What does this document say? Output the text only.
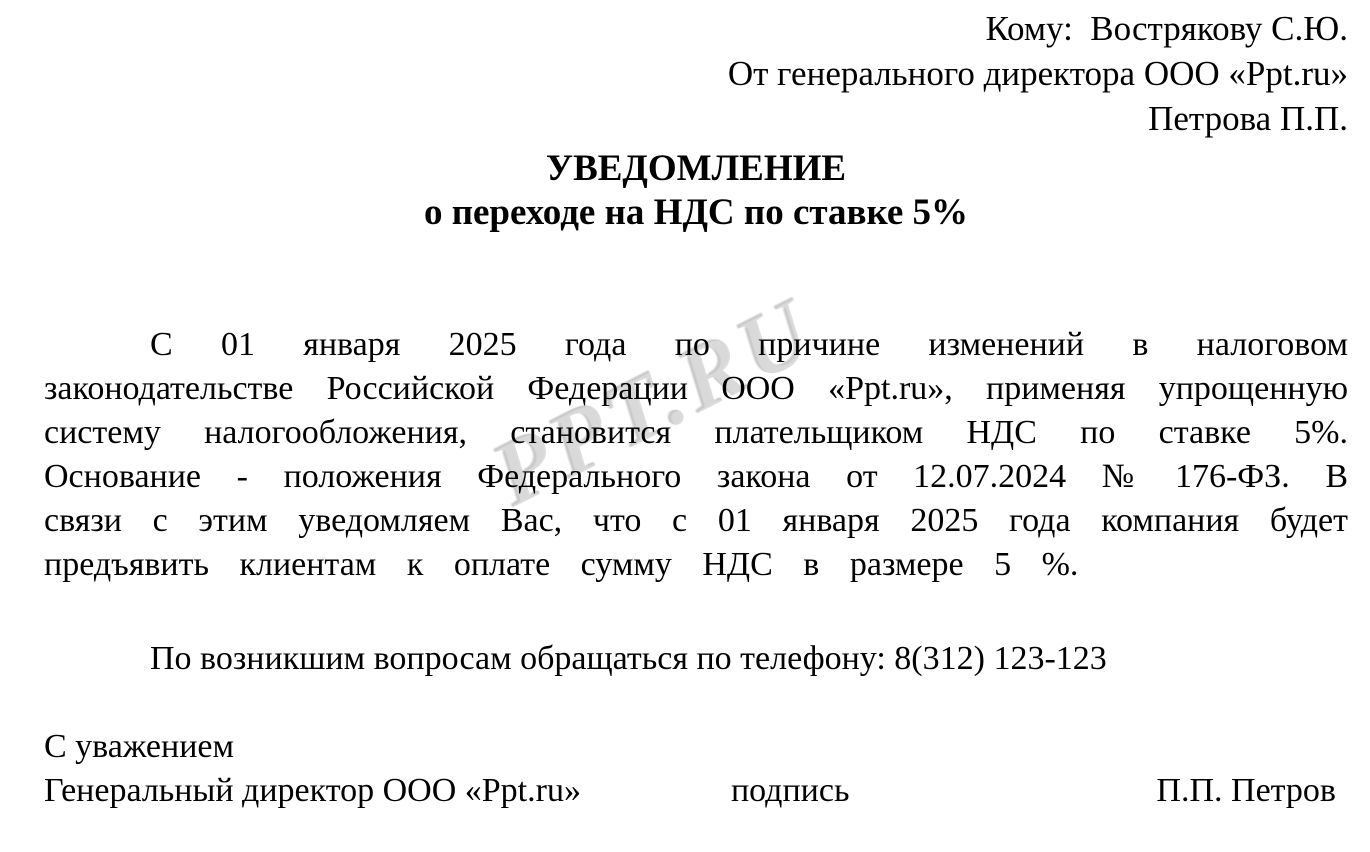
PPT.RU
Кому:  Вострякову С.Ю.
От генерального директора ООО «Ppt.ru»
Петрова П.П.
УВЕДОМЛЕНИЕ
о переходе на НДС по ставке 5%

С 01 января 2025 года по причине изменений в налоговом законодательстве Российской Федерации ООО «Ppt.ru», применяя упрощенную систему налогообложения, становится плательщиком НДС по ставке 5%. Основание - положения Федерального закона от 12.07.2024 № 176-ФЗ. В связи с этим уведомляем Вас, что с 01 января 2025 года компания будет предъявить клиентам к оплате сумму НДС в размере 5 %.

По возникшим вопросам обращаться по телефону: 8(312) 123-123

С уважением
Генеральный директор ООО «Ppt.ru»	подпись	П.П. Петров
